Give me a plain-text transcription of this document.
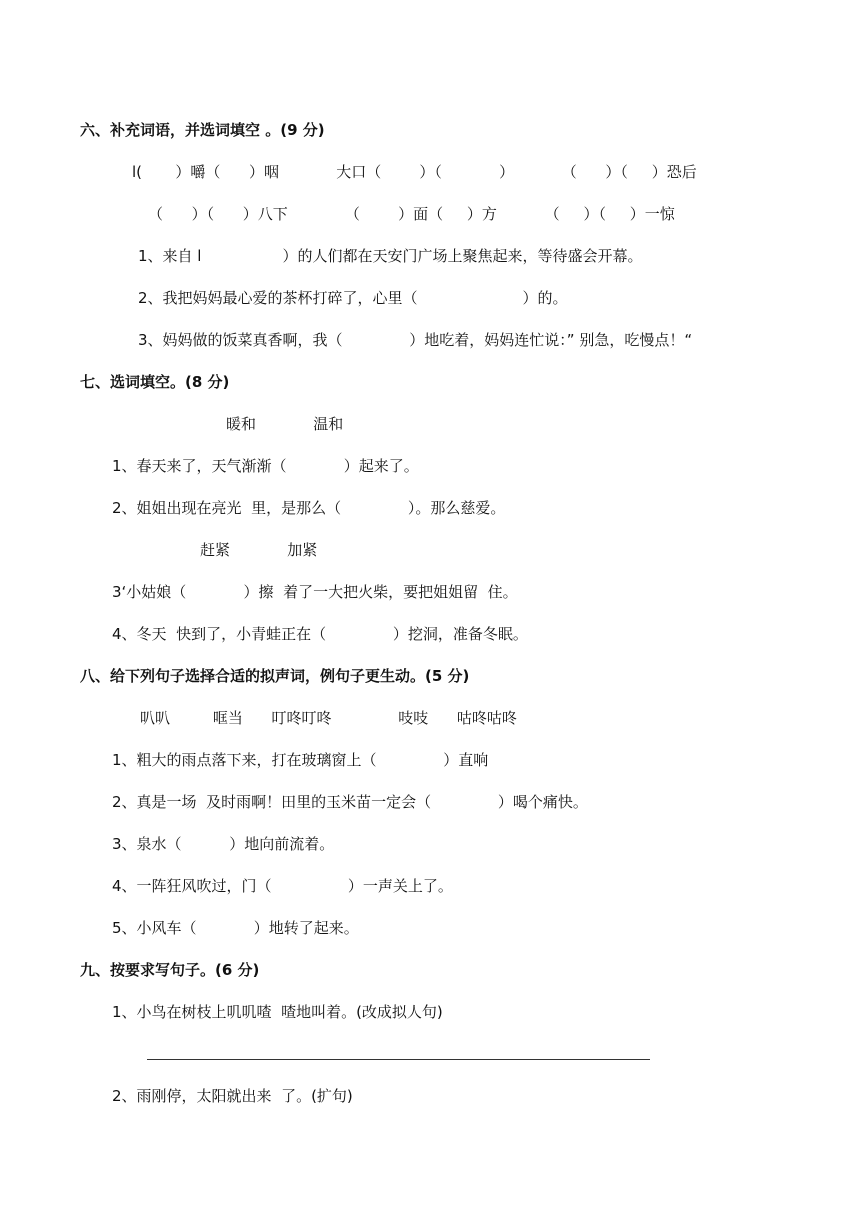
六、补充词语，并选词填空 。(9 分)
l(       ）嚼（      ）咽            大口（        ）（            ）          （      ）（     ）恐后
（      ）（      ）八下            （        ）面（     ）方          （     ）（     ）一惊
1、来自 l                 ）的人们都在天安门广场上聚焦起来，等待盛会开幕。
2、我把妈妈最心爱的茶杯打碎了，心里（                      ）的。
3、妈妈做的饭菜真香啊，我（              ）地吃着，妈妈连忙说：” 别急，吃慢点！“
七、选词填空。(8 分)
暖和            温和
1、春天来了，天气渐渐（            ）起来了。
2、姐姐出现在亮光  里，是那么（              ）。那么慈爱。
赶紧            加紧
3‘小姑娘（            ）擦  着了一大把火柴，要把姐姐留  住。
4、冬天  快到了，小青蛙正在（              ）挖洞，准备冬眠。
八、给下列句子选择合适的拟声词，例句子更生动。(5 分)
叭叭         哐当      叮咚叮咚              吱吱      咕咚咕咚
1、粗大的雨点落下来，打在玻璃窗上（              ）直响
2、真是一场  及时雨啊！田里的玉米苗一定会（              ）喝个痛快。
3、泉水（          ）地向前流着。
4、一阵狂风吹过，门（                ）一声关上了。
5、小风车（            ）地转了起来。
九、按要求写句子。(6 分)
1、小鸟在树枝上叽叽喳  喳地叫着。(改成拟人句)
2、雨刚停，太阳就出来  了。(扩句)
